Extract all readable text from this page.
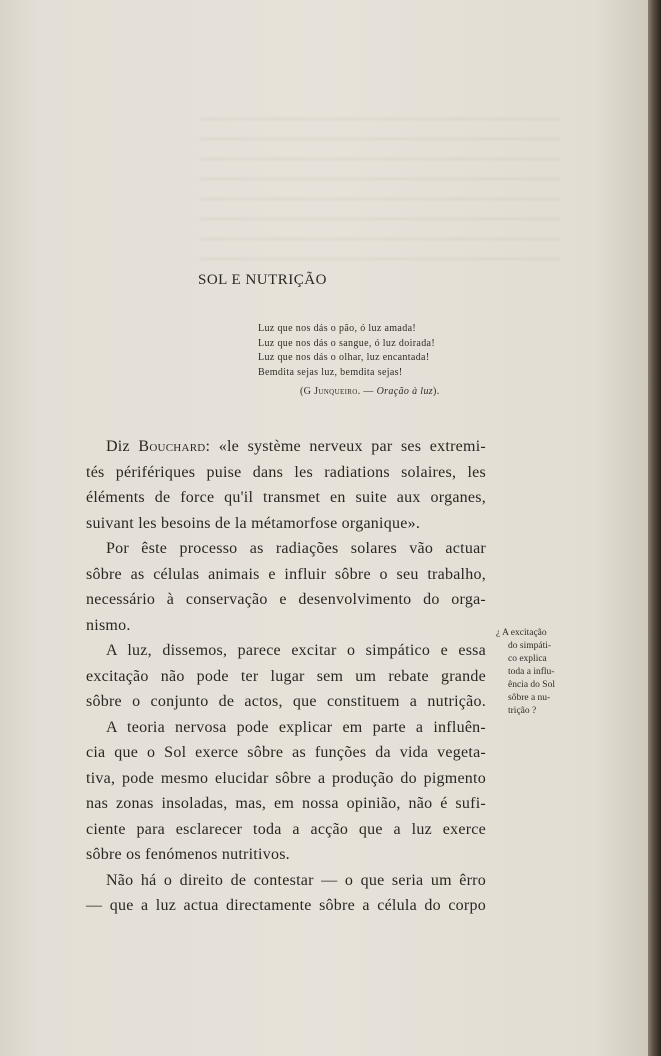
SOL E NUTRIÇÃO
Luz que nos dás o pão, ó luz amada!
Luz que nos dás o sangue, ó luz doirada!
Luz que nos dás o olhar, luz encantada!
Bemdita sejas luz, bemdita sejas!
(G Junqueiro. — Oração à luz).
Diz Bouchard: «le système nerveux par ses extremi-
tés périfériques puise dans les radiations solaires, les
éléments de force qu'il transmet en suite aux organes,
suivant les besoins de la métamorfose organique».
Por êste processo as radiações solares vão actuar
sôbre as células animais e influir sôbre o seu trabalho,
necessário à conservação e desenvolvimento do orga-
nismo.
A luz, dissemos, parece excitar o simpático e essa
excitação não pode ter lugar sem um rebate grande
sôbre o conjunto de actos, que constituem a nutrição.
A teoria nervosa pode explicar em parte a influên-
cia que o Sol exerce sôbre as funções da vida vegeta-
tiva, pode mesmo elucidar sôbre a produção do pigmento
nas zonas insoladas, mas, em nossa opinião, não é sufi-
ciente para esclarecer toda a acção que a luz exerce
sôbre os fenómenos nutritivos.
Não há o direito de contestar — o que seria um êrro
— que a luz actua directamente sôbre a célula do corpo
¿ A excitação
do simpáti-
co explica
toda a influ-
ência do Sol
sôbre a nu-
trição ?
